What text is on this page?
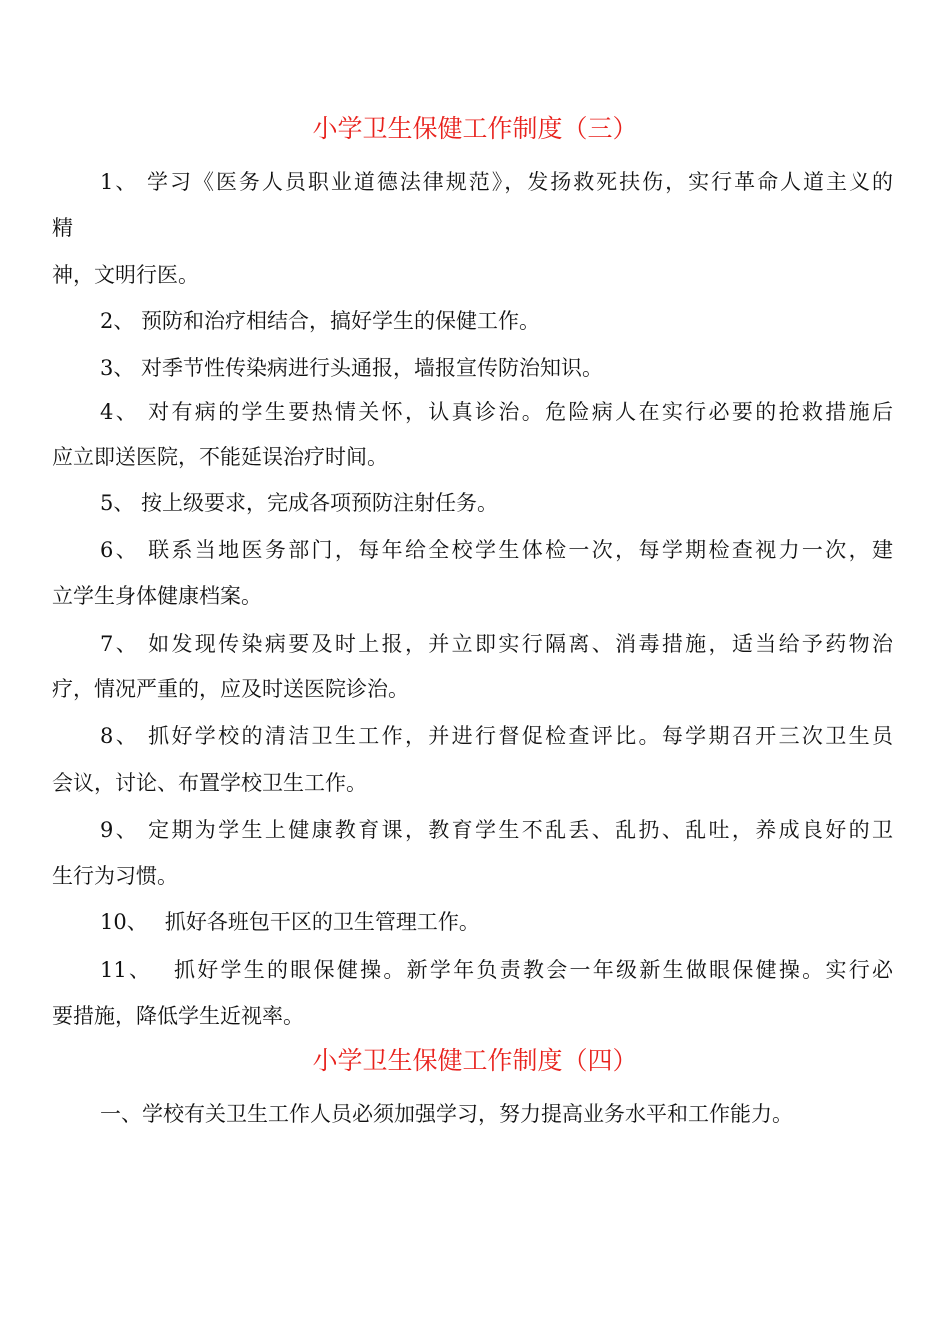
小学卫生保健工作制度（三）
1、 学习《医务人员职业道德法律规范》，发扬救死扶伤，实行革命人道主义的
精
神，文明行医。
2、 预防和治疗相结合，搞好学生的保健工作。
3、 对季节性传染病进行头通报，墙报宣传防治知识。
4、 对有病的学生要热情关怀，认真诊治。危险病人在实行必要的抢救措施后
应立即送医院，不能延误治疗时间。
5、 按上级要求，完成各项预防注射任务。
6、 联系当地医务部门，每年给全校学生体检一次，每学期检查视力一次，建
立学生身体健康档案。
7、 如发现传染病要及时上报，并立即实行隔离、消毒措施，适当给予药物治
疗，情况严重的，应及时送医院诊治。
8、 抓好学校的清洁卫生工作，并进行督促检查评比。每学期召开三次卫生员
会议，讨论、布置学校卫生工作。
9、 定期为学生上健康教育课，教育学生不乱丢、乱扔、乱吐，养成良好的卫
生行为习惯。
10、　 抓好各班包干区的卫生管理工作。
11、　 抓好学生的眼保健操。新学年负责教会一年级新生做眼保健操。实行必
要措施，降低学生近视率。
小学卫生保健工作制度（四）
一、学校有关卫生工作人员必须加强学习，努力提高业务水平和工作能力。
